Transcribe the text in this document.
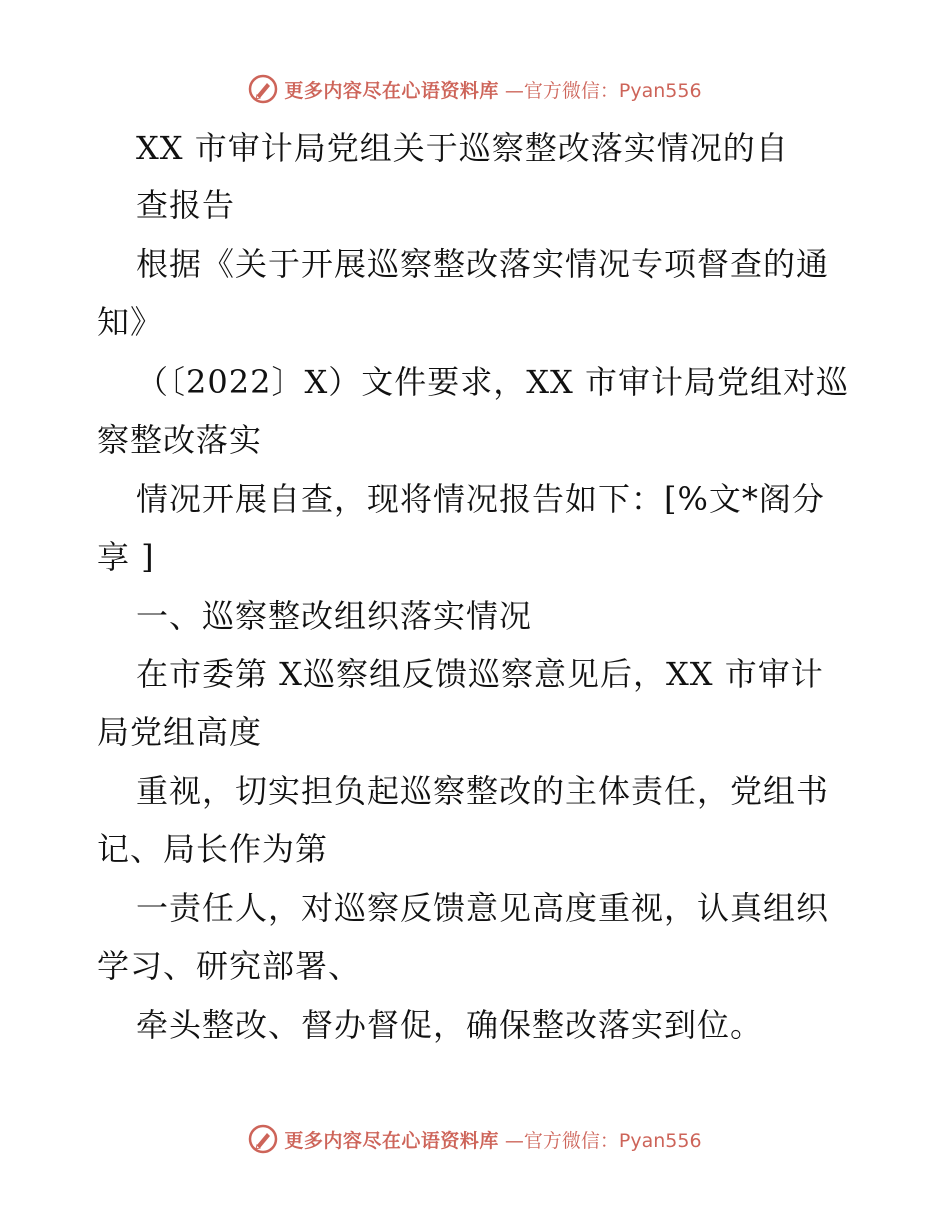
更多内容尽在心语资料库 —官方微信：Pyan556
XX 市审计局党组关于巡察整改落实情况的自
查报告
根据《关于开展巡察整改落实情况专项督查的通
知》
（〔2022〕X）文件要求，XX 市审计局党组对巡
察整改落实
情况开展自查，现将情况报告如下：[%文*阁分
享 ]
一、巡察整改组织落实情况
在市委第 X巡察组反馈巡察意见后，XX 市审计
局党组高度
重视，切实担负起巡察整改的主体责任，党组书
记、局长作为第
一责任人，对巡察反馈意见高度重视，认真组织
学习、研究部署、
牵头整改、督办督促，确保整改落实到位。
更多内容尽在心语资料库 —官方微信：Pyan556
